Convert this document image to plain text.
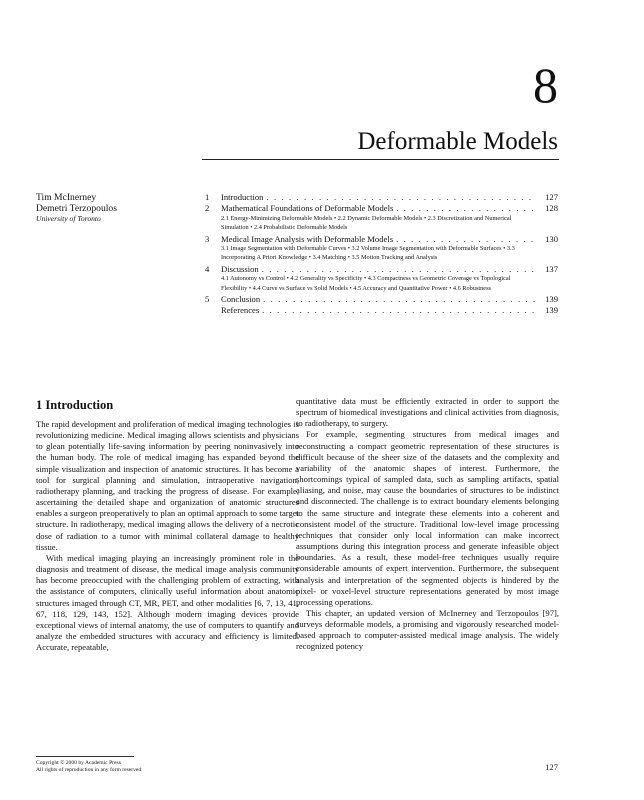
8
Deformable Models
Tim McInerney
Demetri Terzopoulos
University of Toronto
1	Introduction . . .	127
2	Mathematical Foundations of Deformable Models . . .	128
2.1 Energy-Minimizing Deformable Models • 2.2 Dynamic Deformable Models • 2.3 Discretization and Numerical Simulation • 2.4 Probabilistic Deformable Models
3	Medical Image Analysis with Deformable Models . . .	130
3.1 Image Segmentation with Deformable Curves • 3.2 Volume Image Segmentation with Deformable Surfaces • 3.3 Incorporating A Priori Knowledge • 3.4 Matching • 3.5 Motion Tracking and Analysis
4	Discussion . . .	137
4.1 Autonomy vs Control • 4.2 Generality vs Specificity • 4.3 Compactness vs Geometric Coverage vs Topological Flexibility • 4.4 Curve vs Surface vs Solid Models • 4.5 Accuracy and Quantitative Power • 4.6 Robustness
5	Conclusion . . .	139
References . . .	139
1 Introduction

The rapid development and proliferation of medical imaging technologies is revolutionizing medicine. Medical imaging allows scientists and physicians to glean potentially life-saving information by peering noninvasively into the human body. The role of medical imaging has expanded beyond the simple visualization and inspection of anatomic structures. It has become a tool for surgical planning and simulation, intraoperative navigation, radiotherapy planning, and tracking the progress of disease. For example, ascertaining the detailed shape and organization of anatomic structures enables a surgeon preoperatively to plan an optimal approach to some target structure. In radiotherapy, medical imaging allows the delivery of a necrotic dose of radiation to a tumor with minimal collateral damage to healthy tissue.

With medical imaging playing an increasingly prominent role in the diagnosis and treatment of disease, the medical image analysis community has become preoccupied with the challenging problem of extracting, with the assistance of computers, clinically useful information about anatomic structures imaged through CT, MR, PET, and other modalities [6, 7, 13, 41, 67, 118, 129, 143, 152]. Although modern imaging devices provide exceptional views of internal anatomy, the use of computers to quantify and analyze the embedded structures with accuracy and efficiency is limited. Accurate, repeatable,

quantitative data must be efficiently extracted in order to support the spectrum of biomedical investigations and clinical activities from diagnosis, to radiotherapy, to surgery.

For example, segmenting structures from medical images and reconstructing a compact geometric representation of these structures is difficult because of the sheer size of the datasets and the complexity and variability of the anatomic shapes of interest. Furthermore, the shortcomings typical of sampled data, such as sampling artifacts, spatial aliasing, and noise, may cause the boundaries of structures to be indistinct and disconnected. The challenge is to extract boundary elements belonging to the same structure and integrate these elements into a coherent and consistent model of the structure. Traditional low-level image processing techniques that consider only local information can make incorrect assumptions during this integration process and generate infeasible object boundaries. As a result, these model-free techniques usually require considerable amounts of expert intervention. Furthermore, the subsequent analysis and interpretation of the segmented objects is hindered by the pixel- or voxel-level structure representations generated by most image processing operations.

This chapter, an updated version of McInerney and Terzopoulos [97], surveys deformable models, a promising and vigorously researched model-based approach to computer-assisted medical image analysis. The widely recognized potency

Copyright © 2000 by Academic Press
All rights of reproduction in any form reserved	127
